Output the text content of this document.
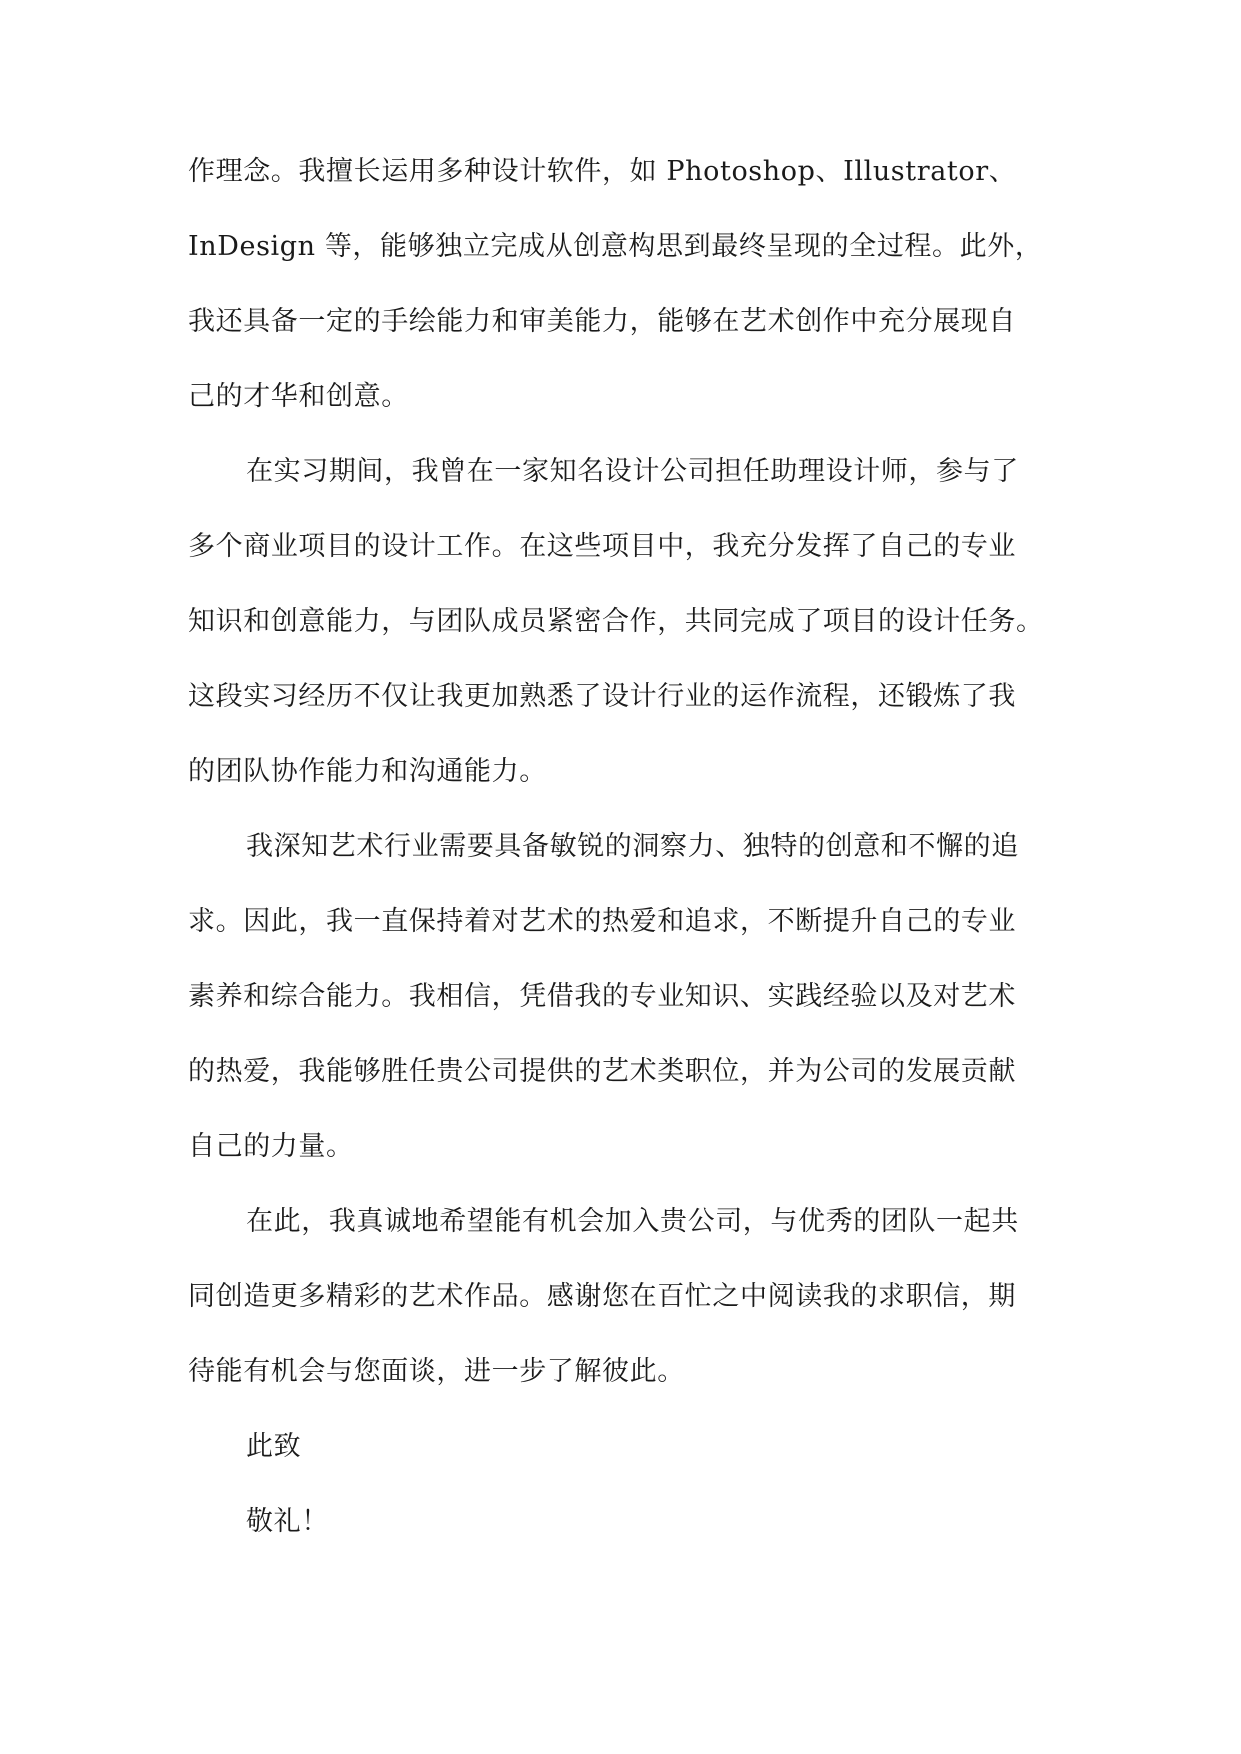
作理念。我擅长运用多种设计软件，如 Photoshop、Illustrator、
InDesign 等，能够独立完成从创意构思到最终呈现的全过程。此外，
我还具备一定的手绘能力和审美能力，能够在艺术创作中充分展现自
己的才华和创意。
在实习期间，我曾在一家知名设计公司担任助理设计师，参与了
多个商业项目的设计工作。在这些项目中，我充分发挥了自己的专业
知识和创意能力，与团队成员紧密合作，共同完成了项目的设计任务。
这段实习经历不仅让我更加熟悉了设计行业的运作流程，还锻炼了我
的团队协作能力和沟通能力。
我深知艺术行业需要具备敏锐的洞察力、独特的创意和不懈的追
求。因此，我一直保持着对艺术的热爱和追求，不断提升自己的专业
素养和综合能力。我相信，凭借我的专业知识、实践经验以及对艺术
的热爱，我能够胜任贵公司提供的艺术类职位，并为公司的发展贡献
自己的力量。
在此，我真诚地希望能有机会加入贵公司，与优秀的团队一起共
同创造更多精彩的艺术作品。感谢您在百忙之中阅读我的求职信，期
待能有机会与您面谈，进一步了解彼此。
此致
敬礼！
